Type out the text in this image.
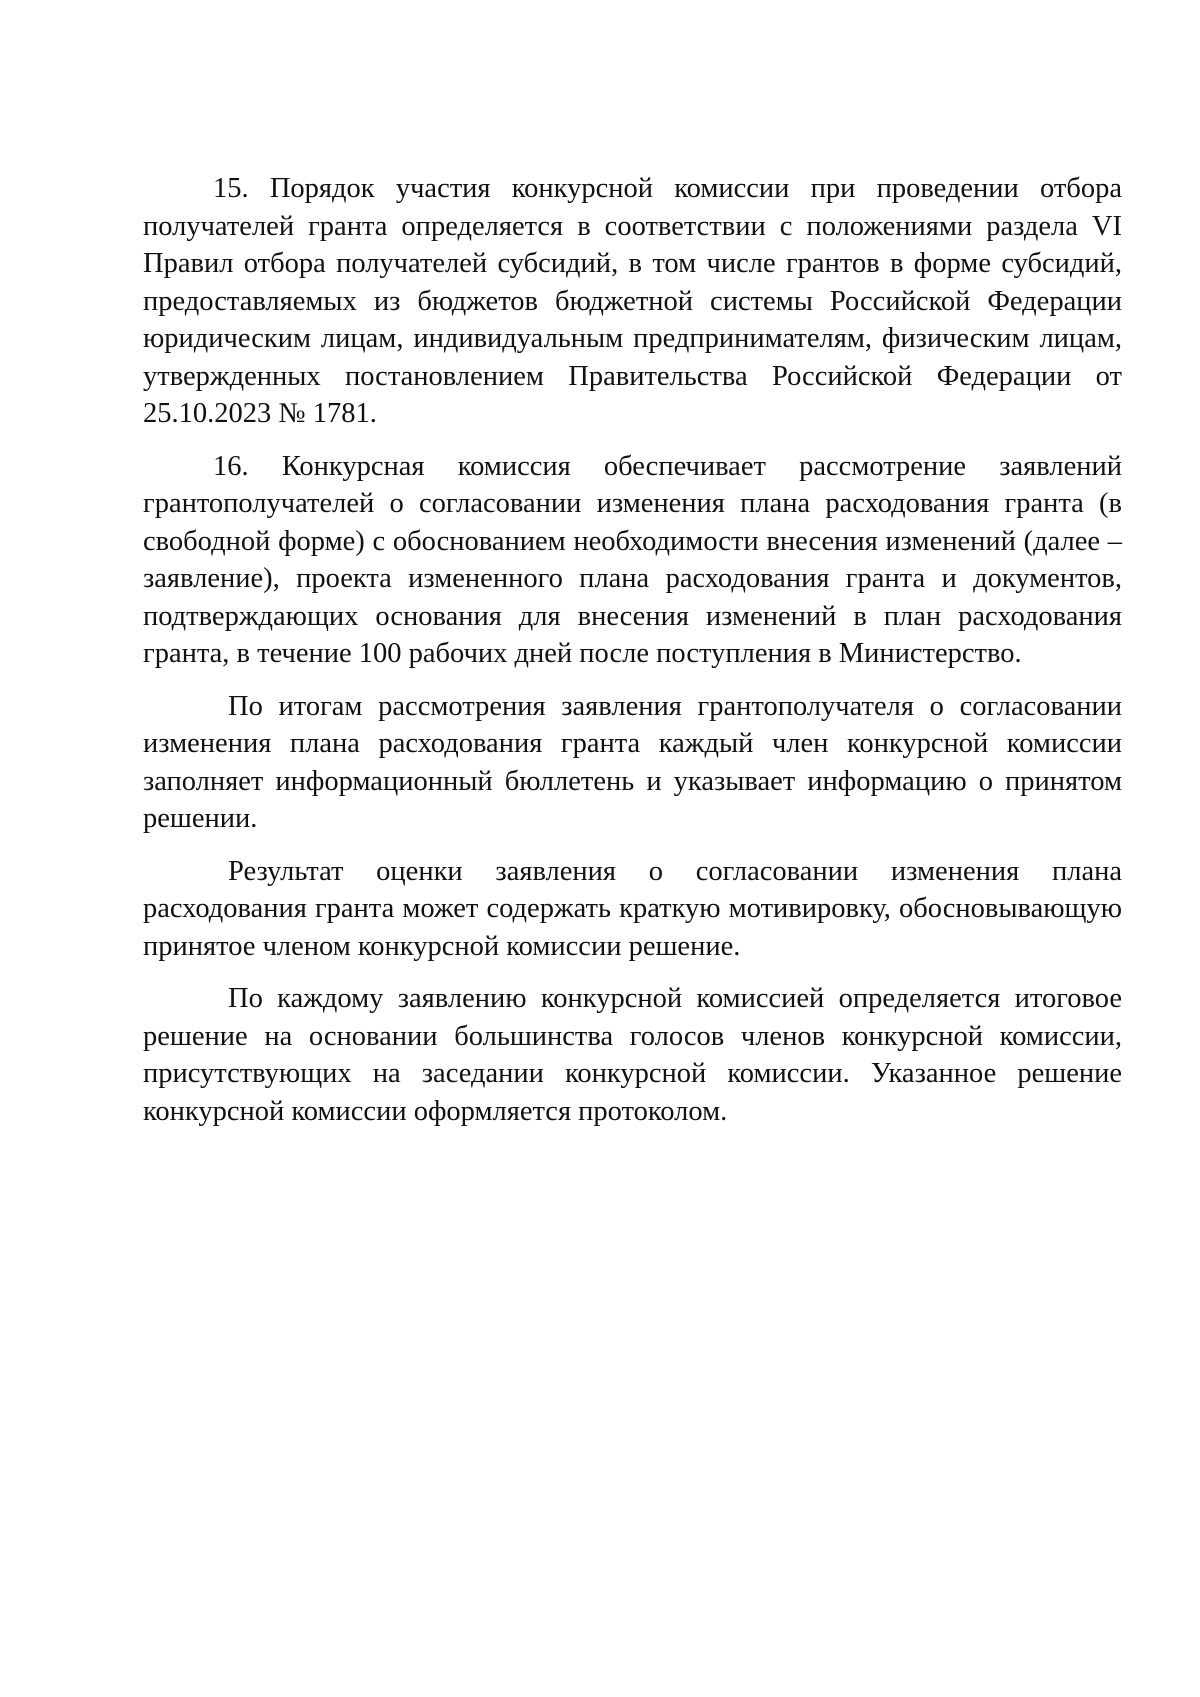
15. Порядок участия конкурсной комиссии при проведении отбора получателей гранта определяется в соответствии с положениями раздела VI Правил отбора получателей субсидий, в том числе грантов в форме субсидий, предоставляемых из бюджетов бюджетной системы Российской Федерации юридическим лицам, индивидуальным предпринимателям, физическим лицам, утвержденных постановлением Правительства Российской Федерации от 25.10.2023 № 1781.

16. Конкурсная комиссия обеспечивает рассмотрение заявлений грантополучателей о согласовании изменения плана расходования гранта (в свободной форме) с обоснованием необходимости внесения изменений (далее – заявление), проекта измененного плана расходования гранта и документов, подтверждающих основания для внесения изменений в план расходования гранта, в течение 100 рабочих дней после поступления в Министерство.

По итогам рассмотрения заявления грантополучателя о согласовании изменения плана расходования гранта каждый член конкурсной комиссии заполняет информационный бюллетень и указывает информацию о принятом решении.

Результат оценки заявления о согласовании изменения плана расходования гранта может содержать краткую мотивировку, обосновывающую принятое членом конкурсной комиссии решение.

По каждому заявлению конкурсной комиссией определяется итоговое решение на основании большинства голосов членов конкурсной комиссии, присутствующих на заседании конкурсной комиссии. Указанное решение конкурсной комиссии оформляется протоколом.
